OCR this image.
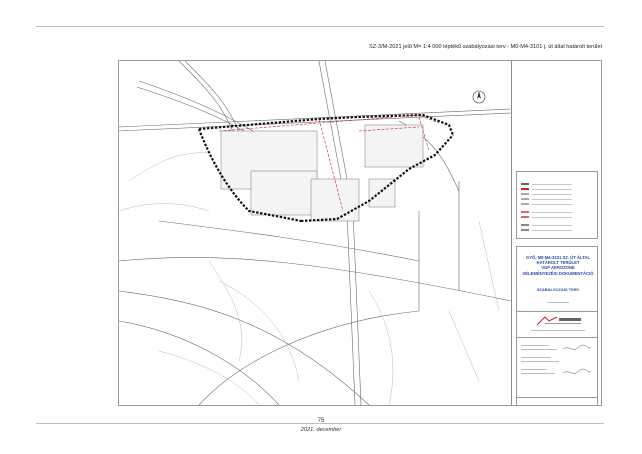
SZ-3/M-2021 jelű M= 1:4 000 léptékű szabályozási terv - M0-M4-3101 j. út által határolt terület
GYŐ, M0-M4-3101 SZ. ÚT ÁLTAL
HATÁROLT TERÜLET
VGP AEROZONE
VÉLEMÉNYEZÉSI DOKUMENTÁCIÓ
SZABÁLYOZÁSI TERV
75
2021. december
